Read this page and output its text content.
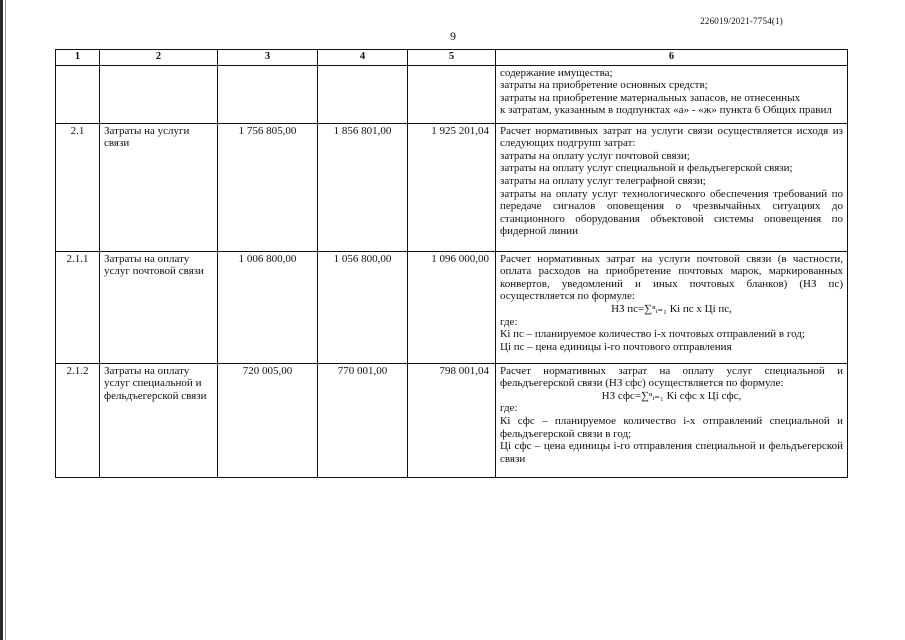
226019/2021-7754(1)
9
1	2	3	4	5	6

					содержание имущества;

затраты на приобретение основных средств;

затраты на приобретение материальных запасов, не отнесенных

к затратам, указанным в подпунктах «а» - «ж» пункта 6 Общих правил

2.1	Затраты на услуги связи	1 756 805,00	1 856 801,00	1 925 201,04	Расчет нормативных затрат на услуги связи осуществляется исходя из следующих подгрупп затрат:

затраты на оплату услуг почтовой связи;

затраты на оплату услуг специальной и фельдъегерской связи;

затраты на оплату услуг телеграфной связи;

затраты на оплату услуг технологического обеспечения требований по передаче сигналов оповещения о чрезвычайных ситуациях до станционного оборудования объектовой системы оповещения по фидерной линии

2.1.1	Затраты на оплату услуг почтовой связи	1 006 800,00	1 056 800,00	1 096 000,00	Расчет нормативных затрат на услуги почтовой связи (в частности, оплата расходов на приобретение почтовых марок, маркированных конвертов, уведомлений и иных почтовых бланков) (НЗ пс) осуществляется по формуле:

НЗ пс=∑ⁿᵢ₌₁ Кi пс x Цi пс,

где:

Кi пс – планируемое количество i-х почтовых отправлений в год;

Цi пс – цена единицы i-го почтового отправления

2.1.2	Затраты на оплату услуг специальной и фельдъегерской связи	720 005,00	770 001,00	798 001,04	Расчет нормативных затрат на оплату услуг специальной и фельдъегерской связи (НЗ сфс) осуществляется по формуле:

НЗ сфс=∑ⁿᵢ₌₁ Кi сфс x Цi сфс,

где:

Кi сфс – планируемое количество i-х отправлений специальной и фельдъегерской связи в год;

Цi сфс – цена единицы i-го отправления специальной и фельдъегерской связи
